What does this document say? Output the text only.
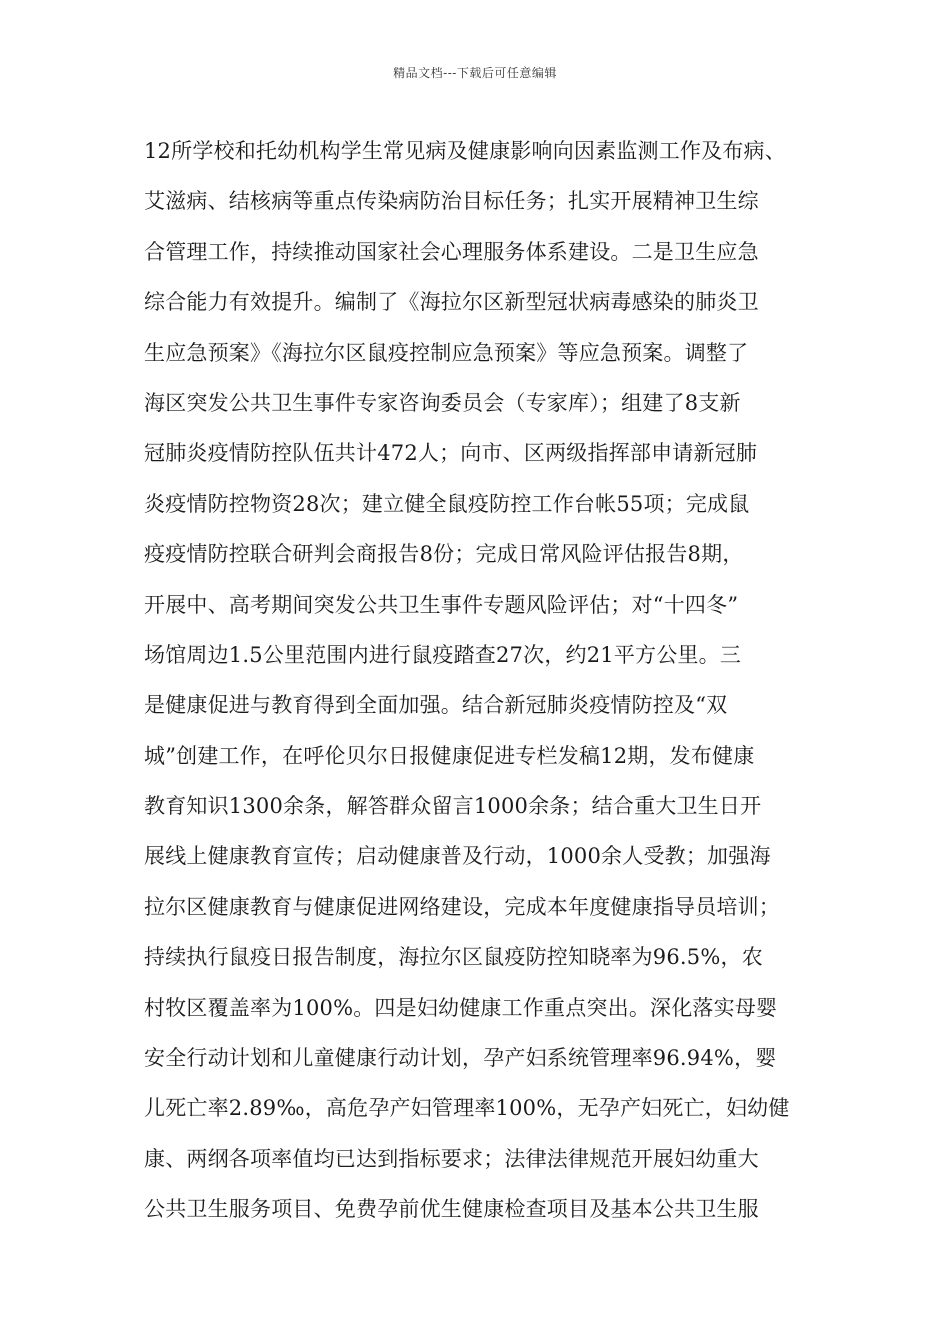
精品文档---下载后可任意编辑
12所学校和托幼机构学生常见病及健康影响向因素监测工作及布病、
艾滋病、结核病等重点传染病防治目标任务；扎实开展精神卫生综
合管理工作，持续推动国家社会心理服务体系建设。二是卫生应急
综合能力有效提升。编制了《海拉尔区新型冠状病毒感染的肺炎卫
生应急预案》《海拉尔区鼠疫控制应急预案》等应急预案。调整了
海区突发公共卫生事件专家咨询委员会（专家库）；组建了8支新
冠肺炎疫情防控队伍共计472人；向市、区两级指挥部申请新冠肺
炎疫情防控物资28次；建立健全鼠疫防控工作台帐55项；完成鼠
疫疫情防控联合研判会商报告8份；完成日常风险评估报告8期，
开展中、高考期间突发公共卫生事件专题风险评估；对“十四冬”
场馆周边1.5公里范围内进行鼠疫踏查27次，约21平方公里。三
是健康促进与教育得到全面加强。结合新冠肺炎疫情防控及“双
城”创建工作，在呼伦贝尔日报健康促进专栏发稿12期，发布健康
教育知识1300余条，解答群众留言1000余条；结合重大卫生日开
展线上健康教育宣传；启动健康普及行动，1000余人受教；加强海
拉尔区健康教育与健康促进网络建设，完成本年度健康指导员培训；
持续执行鼠疫日报告制度，海拉尔区鼠疫防控知晓率为96.5%，农
村牧区覆盖率为100%。四是妇幼健康工作重点突出。深化落实母婴
安全行动计划和儿童健康行动计划，孕产妇系统管理率96.94%，婴
儿死亡率2.89‰，高危孕产妇管理率100%，无孕产妇死亡，妇幼健
康、两纲各项率值均已达到指标要求；法律法律规范开展妇幼重大
公共卫生服务项目、免费孕前优生健康检查项目及基本公共卫生服
